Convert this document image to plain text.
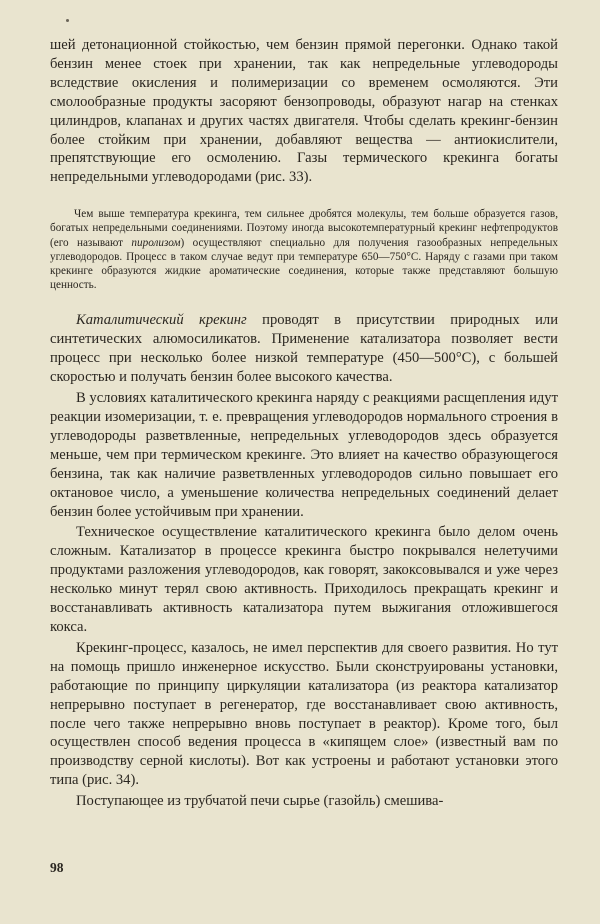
шей детонационной стойкостью, чем бензин прямой перегонки. Однако такой бензин менее стоек при хранении, так как непредельные углеводороды вследствие окисления и полимеризации со временем осмоляются. Эти смолообразные продукты засоряют бензопроводы, образуют нагар на стенках цилиндров, клапанах и других частях двигателя. Чтобы сделать крекинг-бензин более стойким при хранении, добавляют вещества — антиокислители, препятствующие его осмолению. Газы термического крекинга богаты непредельными углеводородами (рис. 33).

Чем выше температура крекинга, тем сильнее дробятся молекулы, тем больше образуется газов, богатых непредельными соединениями. Поэтому иногда высокотемпературный крекинг нефтепродуктов (его называют пиролизом) осуществляют специально для получения газообразных непредельных углеводородов. Процесс в таком случае ведут при температуре 650—750°С. Наряду с газами при таком крекинге образуются жидкие ароматические соединения, которые также представляют большую ценность.

Каталитический крекинг проводят в присутствии природных или синтетических алюмосиликатов. Применение катализатора позволяет вести процесс при несколько более низкой температуре (450—500°С), с большей скоростью и получать бензин более высокого качества.

В условиях каталитического крекинга наряду с реакциями расщепления идут реакции изомеризации, т. е. превращения углеводородов нормального строения в углеводороды разветвленные, непредельных углеводородов здесь образуется меньше, чем при термическом крекинге. Это влияет на качество образующегося бензина, так как наличие разветвленных углеводородов сильно повышает его октановое число, а уменьшение количества непредельных соединений делает бензин более устойчивым при хранении.

Техническое осуществление каталитического крекинга было делом очень сложным. Катализатор в процессе крекинга быстро покрывался нелетучими продуктами разложения углеводородов, как говорят, закоксовывался и уже через несколько минут терял свою активность. Приходилось прекращать крекинг и восстанавливать активность катализатора путем выжигания отложившегося кокса.

Крекинг-процесс, казалось, не имел перспектив для своего развития. Но тут на помощь пришло инженерное искусство. Были сконструированы установки, работающие по принципу циркуляции катализатора (из реактора катализатор непрерывно поступает в регенератор, где восстанавливает свою активность, после чего также непрерывно вновь поступает в реактор). Кроме того, был осуществлен способ ведения процесса в «кипящем слое» (известный вам по производству серной кислоты). Вот как устроены и работают установки этого типа (рис. 34).

Поступающее из трубчатой печи сырье (газойль) смешива-

98
